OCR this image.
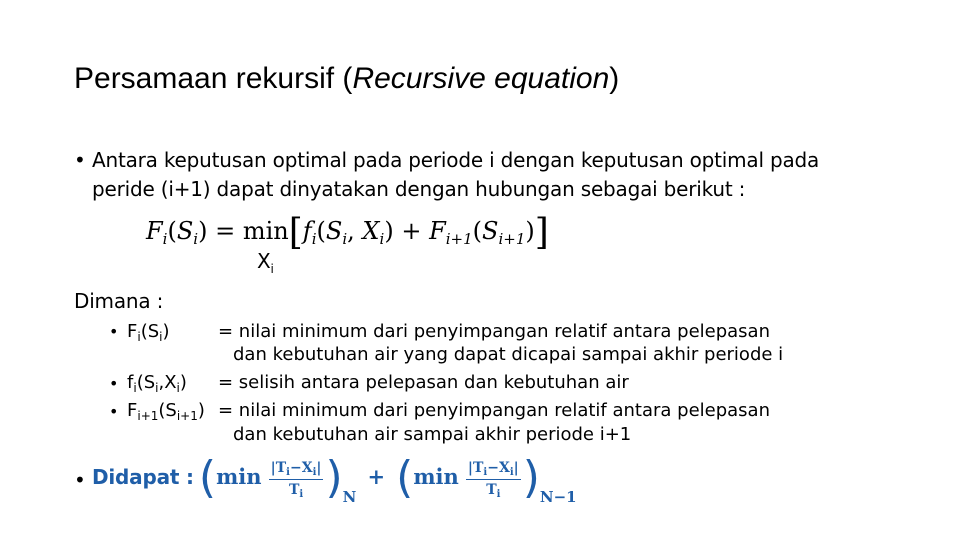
Persamaan rekursif (Recursive equation)
• Antara keputusan optimal pada periode i dengan keputusan optimal pada
peride (i+1) dapat dinyatakan dengan hubungan sebagai berikut :
$F_i(S_i) = \min[f_i(S_i$, $X_i) + F_{i+1}(S_{i+1})$]
$X_i$
Dimana :
• $F_i(S_i)$	= nilai minimum dari penyimpangan relatif antara pelepasan
dan kebutuhan air yang dapat dicapai sampai akhir periode i
• $f_i(S_i,X_i)$ = selisih antara pelepasan dan kebutuhan air
• $F_{i+1}(S_{i+1})$ = nilai minimum dari penyimpangan relatif antara pelepasan
dan kebutuhan air sampai akhir periode i+1
• Didapat : $(\min \frac{|T_i-X_i|}{T_i} )N + (\min \frac{|T_i-X_i|}{T_i} )N-1$
